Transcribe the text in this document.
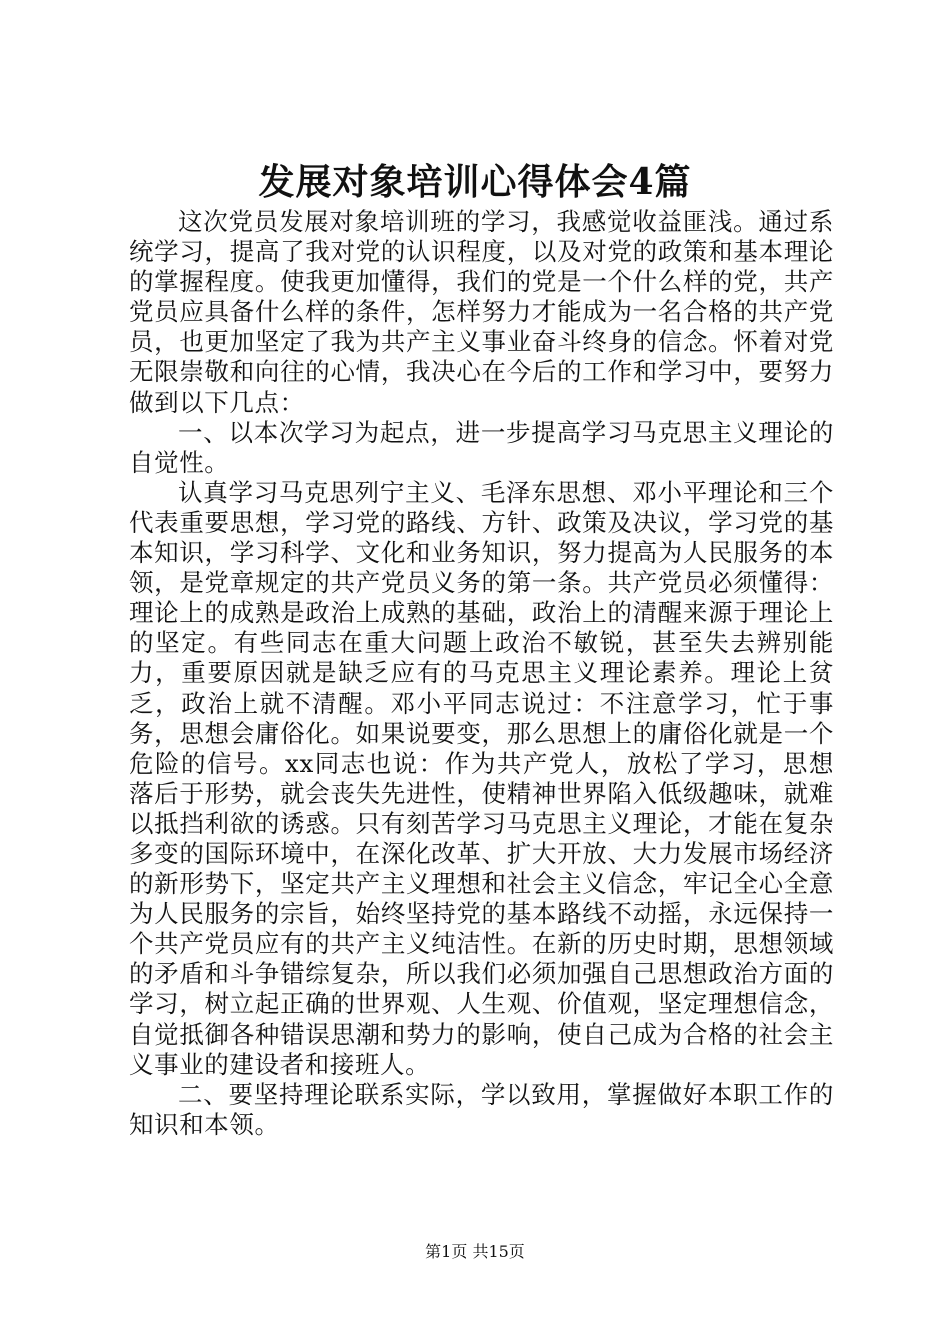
发展对象培训心得体会4篇

这次党员发展对象培训班的学习，我感觉收益匪浅。通过系统学习，提高了我对党的认识程度，以及对党的政策和基本理论的掌握程度。使我更加懂得，我们的党是一个什么样的党，共产党员应具备什么样的条件，怎样努力才能成为一名合格的共产党员，也更加坚定了我为共产主义事业奋斗终身的信念。怀着对党无限崇敬和向往的心情，我决心在今后的工作和学习中，要努力做到以下几点：

一、以本次学习为起点，进一步提高学习马克思主义理论的自觉性。

认真学习马克思列宁主义、毛泽东思想、邓小平理论和三个代表重要思想，学习党的路线、方针、政策及决议，学习党的基本知识，学习科学、文化和业务知识，努力提高为人民服务的本领，是党章规定的共产党员义务的第一条。共产党员必须懂得：理论上的成熟是政治上成熟的基础，政治上的清醒来源于理论上的坚定。有些同志在重大问题上政治不敏锐，甚至失去辨别能力，重要原因就是缺乏应有的马克思主义理论素养。理论上贫乏，政治上就不清醒。邓小平同志说过：不注意学习，忙于事务，思想会庸俗化。如果说要变，那么思想上的庸俗化就是一个危险的信号。xx同志也说：作为共产党人，放松了学习，思想落后于形势，就会丧失先进性，使精神世界陷入低级趣味，就难以抵挡利欲的诱惑。只有刻苦学习马克思主义理论，才能在复杂多变的国际环境中，在深化改革、扩大开放、大力发展市场经济的新形势下，坚定共产主义理想和社会主义信念，牢记全心全意为人民服务的宗旨，始终坚持党的基本路线不动摇，永远保持一个共产党员应有的共产主义纯洁性。在新的历史时期，思想领域的矛盾和斗争错综复杂，所以我们必须加强自己思想政治方面的学习，树立起正确的世界观、人生观、价值观，坚定理想信念，自觉抵御各种错误思潮和势力的影响，使自己成为合格的社会主义事业的建设者和接班人。

二、要坚持理论联系实际，学以致用，掌握做好本职工作的知识和本领。

第1页 共15页
